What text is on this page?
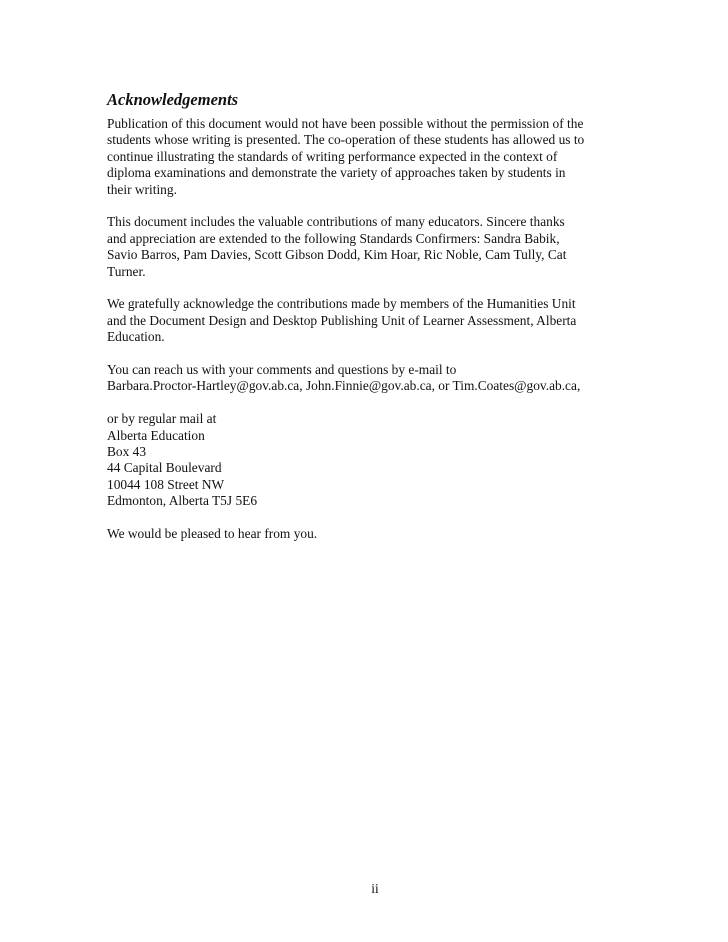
Acknowledgements
Publication of this document would not have been possible without the permission of the
students whose writing is presented. The co-operation of these students has allowed us to
continue illustrating the standards of writing performance expected in the context of
diploma examinations and demonstrate the variety of approaches taken by students in
their writing.
This document includes the valuable contributions of many educators. Sincere thanks
and appreciation are extended to the following Standards Confirmers: Sandra Babik,
Savio Barros, Pam Davies, Scott Gibson Dodd, Kim Hoar, Ric Noble, Cam Tully, Cat
Turner.
We gratefully acknowledge the contributions made by members of the Humanities Unit
and the Document Design and Desktop Publishing Unit of Learner Assessment, Alberta
Education.
You can reach us with your comments and questions by e-mail to
Barbara.Proctor-Hartley@gov.ab.ca, John.Finnie@gov.ab.ca, or Tim.Coates@gov.ab.ca,
or by regular mail at
Alberta Education
Box 43
44 Capital Boulevard
10044 108 Street NW
Edmonton, Alberta T5J 5E6
We would be pleased to hear from you.
ii
